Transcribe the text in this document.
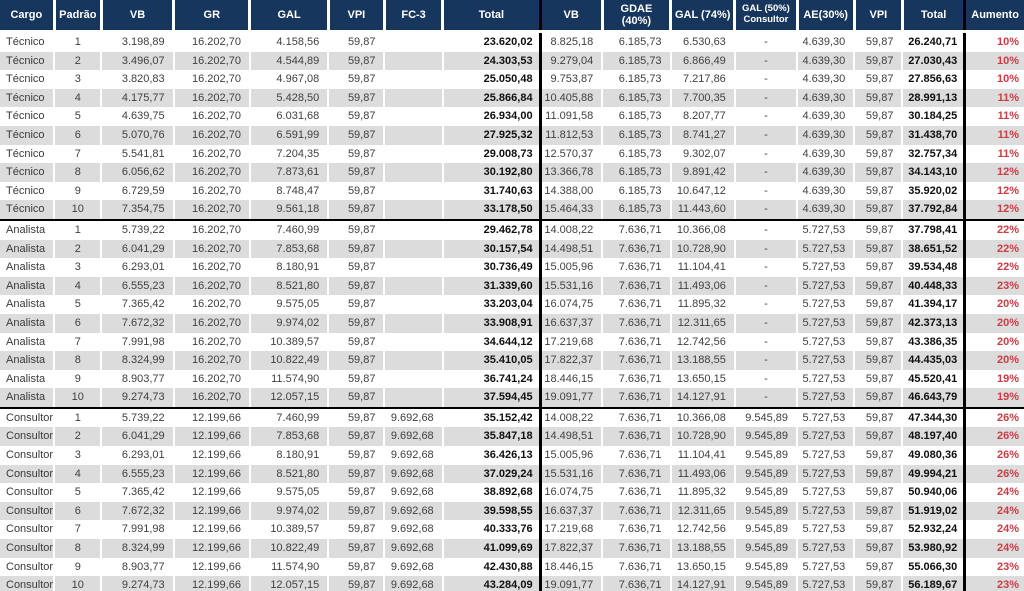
Cargo	Padrão	VB	GR	GAL	VPI	FC-3	Total	VB	GDAE (40%)	GAL (74%)	GAL (50%) Consultor	AE(30%)	VPI	Total	Aumento
Técnico	1	3.198,89	16.202,70	4.158,56	59,87		23.620,02	8.825,18	6.185,73	6.530,63	-	4.639,30	59,87	26.240,71	10%
Técnico	2	3.496,07	16.202,70	4.544,89	59,87		24.303,53	9.279,04	6.185,73	6.866,49	-	4.639,30	59,87	27.030,43	10%
Técnico	3	3.820,83	16.202,70	4.967,08	59,87		25.050,48	9.753,87	6.185,73	7.217,86	-	4.639,30	59,87	27.856,63	10%
Técnico	4	4.175,77	16.202,70	5.428,50	59,87		25.866,84	10.405,88	6.185,73	7.700,35	-	4.639,30	59,87	28.991,13	11%
Técnico	5	4.639,75	16.202,70	6.031,68	59,87		26.934,00	11.091,58	6.185,73	8.207,77	-	4.639,30	59,87	30.184,25	11%
Técnico	6	5.070,76	16.202,70	6.591,99	59,87		27.925,32	11.812,53	6.185,73	8.741,27	-	4.639,30	59,87	31.438,70	11%
Técnico	7	5.541,81	16.202,70	7.204,35	59,87		29.008,73	12.570,37	6.185,73	9.302,07	-	4.639,30	59,87	32.757,34	11%
Técnico	8	6.056,62	16.202,70	7.873,61	59,87		30.192,80	13.366,78	6.185,73	9.891,42	-	4.639,30	59,87	34.143,10	12%
Técnico	9	6.729,59	16.202,70	8.748,47	59,87		31.740,63	14.388,00	6.185,73	10.647,12	-	4.639,30	59,87	35.920,02	12%
Técnico	10	7.354,75	16.202,70	9.561,18	59,87		33.178,50	15.464,33	6.185,73	11.443,60	-	4.639,30	59,87	37.792,84	12%
Analista	1	5.739,22	16.202,70	7.460,99	59,87		29.462,78	14.008,22	7.636,71	10.366,08	-	5.727,53	59,87	37.798,41	22%
Analista	2	6.041,29	16.202,70	7.853,68	59,87		30.157,54	14.498,51	7.636,71	10.728,90	-	5.727,53	59,87	38.651,52	22%
Analista	3	6.293,01	16.202,70	8.180,91	59,87		30.736,49	15.005,96	7.636,71	11.104,41	-	5.727,53	59,87	39.534,48	22%
Analista	4	6.555,23	16.202,70	8.521,80	59,87		31.339,60	15.531,16	7.636,71	11.493,06	-	5.727,53	59,87	40.448,33	23%
Analista	5	7.365,42	16.202,70	9.575,05	59,87		33.203,04	16.074,75	7.636,71	11.895,32	-	5.727,53	59,87	41.394,17	20%
Analista	6	7.672,32	16.202,70	9.974,02	59,87		33.908,91	16.637,37	7.636,71	12.311,65	-	5.727,53	59,87	42.373,13	20%
Analista	7	7.991,98	16.202,70	10.389,57	59,87		34.644,12	17.219,68	7.636,71	12.742,56	-	5.727,53	59,87	43.386,35	20%
Analista	8	8.324,99	16.202,70	10.822,49	59,87		35.410,05	17.822,37	7.636,71	13.188,55	-	5.727,53	59,87	44.435,03	20%
Analista	9	8.903,77	16.202,70	11.574,90	59,87		36.741,24	18.446,15	7.636,71	13.650,15	-	5.727,53	59,87	45.520,41	19%
Analista	10	9.274,73	16.202,70	12.057,15	59,87		37.594,45	19.091,77	7.636,71	14.127,91	-	5.727,53	59,87	46.643,79	19%
Consultor	1	5.739,22	12.199,66	7.460,99	59,87	9.692,68	35.152,42	14.008,22	7.636,71	10.366,08	9.545,89	5.727,53	59,87	47.344,30	26%
Consultor	2	6.041,29	12.199,66	7.853,68	59,87	9.692,68	35.847,18	14.498,51	7.636,71	10.728,90	9.545,89	5.727,53	59,87	48.197,40	26%
Consultor	3	6.293,01	12.199,66	8.180,91	59,87	9.692,68	36.426,13	15.005,96	7.636,71	11.104,41	9.545,89	5.727,53	59,87	49.080,36	26%
Consultor	4	6.555,23	12.199,66	8.521,80	59,87	9.692,68	37.029,24	15.531,16	7.636,71	11.493,06	9.545,89	5.727,53	59,87	49.994,21	26%
Consultor	5	7.365,42	12.199,66	9.575,05	59,87	9.692,68	38.892,68	16.074,75	7.636,71	11.895,32	9.545,89	5.727,53	59,87	50.940,06	24%
Consultor	6	7.672,32	12.199,66	9.974,02	59,87	9.692,68	39.598,55	16.637,37	7.636,71	12.311,65	9.545,89	5.727,53	59,87	51.919,02	24%
Consultor	7	7.991,98	12.199,66	10.389,57	59,87	9.692,68	40.333,76	17.219,68	7.636,71	12.742,56	9.545,89	5.727,53	59,87	52.932,24	24%
Consultor	8	8.324,99	12.199,66	10.822,49	59,87	9.692,68	41.099,69	17.822,37	7.636,71	13.188,55	9.545,89	5.727,53	59,87	53.980,92	24%
Consultor	9	8.903,77	12.199,66	11.574,90	59,87	9.692,68	42.430,88	18.446,15	7.636,71	13.650,15	9.545,89	5.727,53	59,87	55.066,30	23%
Consultor	10	9.274,73	12.199,66	12.057,15	59,87	9.692,68	43.284,09	19.091,77	7.636,71	14.127,91	9.545,89	5.727,53	59,87	56.189,67	23%
